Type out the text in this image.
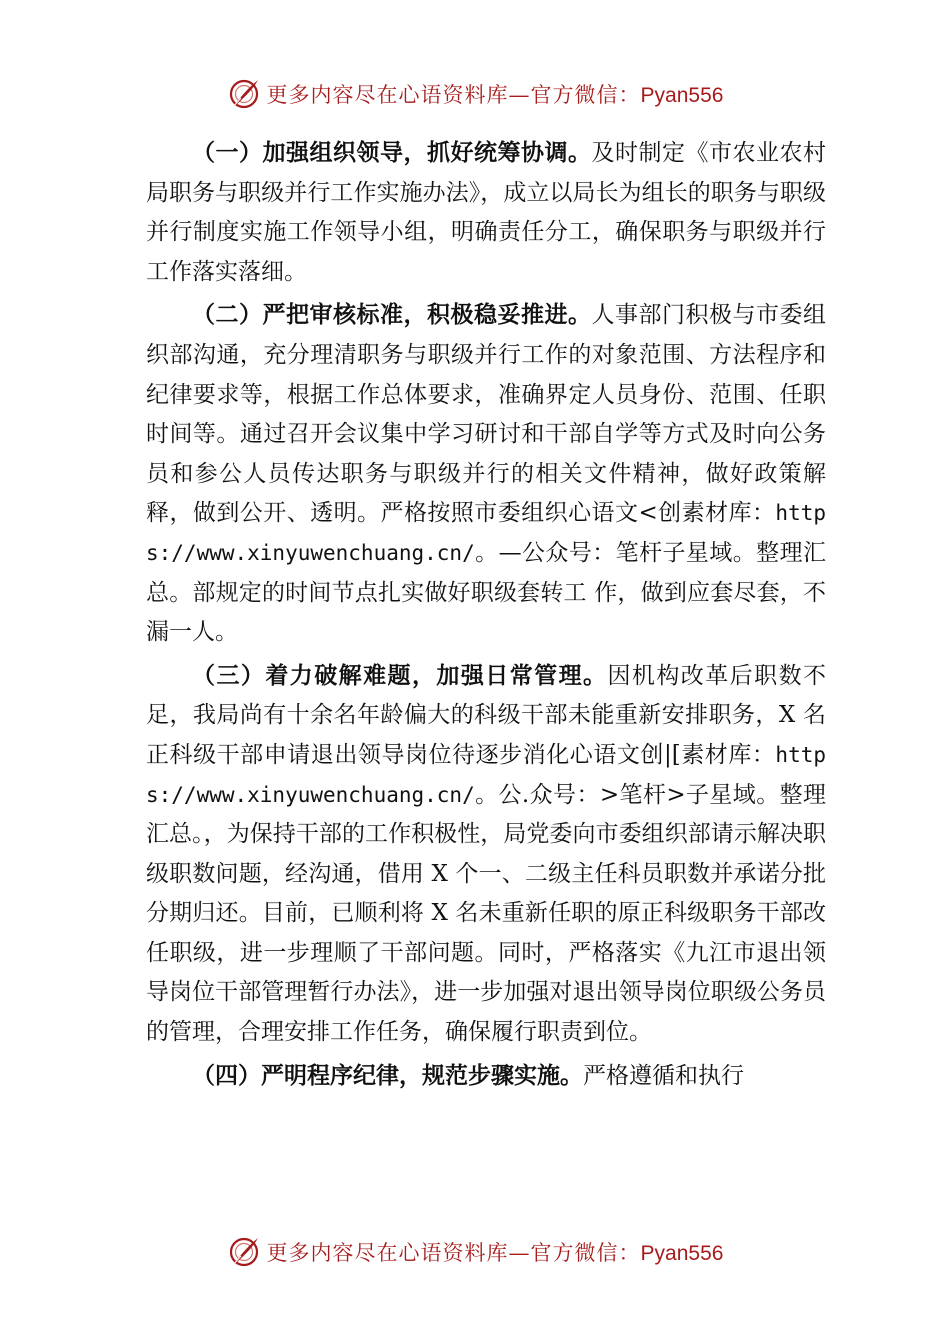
更多内容尽在心语资料库—官方微信：Pyan556

（一）加强组织领导，抓好统筹协调。及时制定《市农业农村局职务与职级并行工作实施办法》，成立以局长为组长的职务与职级并行制度实施工作领导小组，明确责任分工，确保职务与职级并行工作落实落细。

（二）严把审核标准，积极稳妥推进。人事部门积极与市委组织部沟通，充分理清职务与职级并行工作的对象范围、方法程序和纪律要求等，根据工作总体要求，准确界定人员身份、范围、任职时间等。通过召开会议集中学习研讨和干部自学等方式及时向公务员和参公人员传达职务与职级并行的相关文件精神，做好政策解释，做到公开、透明。严格按照市委组织心语文<创素材库：https://www.xinyuwenchuang.cn/。—公众号：笔杆子星域。整理汇总。部规定的时间节点扎实做好职级套转工 作，做到应套尽套，不漏一人。

（三）着力破解难题，加强日常管理。因机构改革后职数不足，我局尚有十余名年龄偏大的科级干部未能重新安排职务，X 名正科级干部申请退出领导岗位待逐步消化心语文创|[素材库：https://www.xinyuwenchuang.cn/。公.众号：>笔杆>子星域。整理汇总。，为保持干部的工作积极性，局党委向市委组织部请示解决职级职数问题，经沟通，借用 X 个一、二级主任科员职数并承诺分批分期归还。目前，已顺利将 X 名未重新任职的原正科级职务干部改任职级，进一步理顺了干部问题。同时，严格落实《九江市退出领导岗位干部管理暂行办法》，进一步加强对退出领导岗位职级公务员的管理，合理安排工作任务，确保履行职责到位。

（四）严明程序纪律，规范步骤实施。严格遵循和执行

更多内容尽在心语资料库—官方微信：Pyan556
